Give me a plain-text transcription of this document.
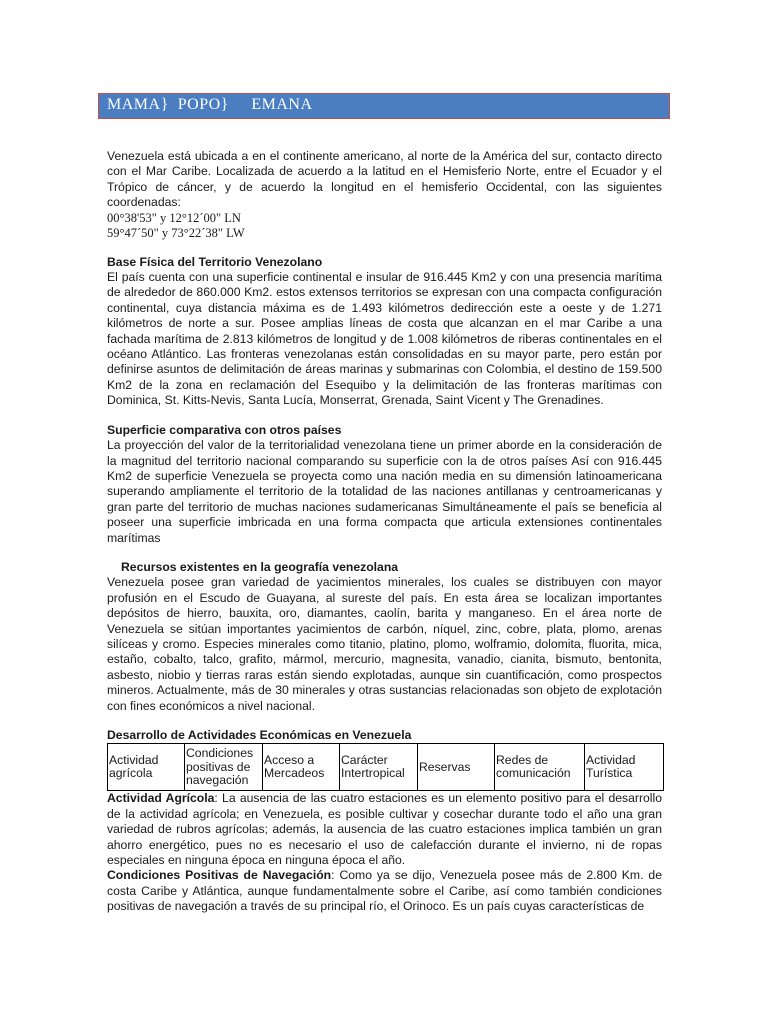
MAMA}  POPO}     EMANA

Venezuela está ubicada a en el continente americano, al norte de la América del sur, contacto directo con el Mar Caribe. Localizada de acuerdo a la latitud en el Hemisferio Norte, entre el Ecuador y el Trópico de cáncer, y de acuerdo la longitud en el hemisferio Occidental, con las siguientes coordenadas:

00°38'53" y 12°12´00" LN

59°47´50" y 73°22´38" LW

Base Física del Territorio Venezolano

El país cuenta con una superficie continental e insular de 916.445 Km2 y con una presencia marítima de alrededor de 860.000 Km2. estos extensos territorios se expresan con una compacta configuración continental, cuya distancia máxima es de 1.493 kilómetros dedirección este a oeste y de 1.271 kilómetros de norte a sur. Posee amplias líneas de costa que alcanzan en el mar Caribe a una fachada marítima de 2.813 kilómetros de longitud y de 1.008 kilómetros de riberas continentales en el océano Atlántico. Las fronteras venezolanas están consolidadas en su mayor parte, pero están por definirse asuntos de delimitación de áreas marinas y submarinas con Colombia, el destino de 159.500 Km2 de la zona en reclamación del Esequibo y la delimitación de las fronteras marítimas con Dominica, St. Kitts-Nevis, Santa Lucía, Monserrat, Grenada, Saint Vicent y The Grenadines.

Superficie comparativa con otros países

La proyección del valor de la territorialidad venezolana tiene un primer aborde en la consideración de la magnitud del territorio nacional comparando su superficie con la de otros países Así con 916.445 Km2 de superficie Venezuela se proyecta como una nación media en su dimensión latinoamericana superando ampliamente el territorio de la totalidad de las naciones antillanas y centroamericanas y gran parte del territorio de muchas naciones sudamericanas Simultáneamente el país se beneficia al poseer una superficie imbricada en una forma compacta que articula extensiones continentales marítimas

Recursos existentes en la geografía venezolana

Venezuela posee gran variedad de yacimientos minerales, los cuales se distribuyen con mayor profusión en el Escudo de Guayana, al sureste del país. En esta área se localizan importantes depósitos de hierro, bauxita, oro, diamantes, caolín, barita y manganeso. En el área norte de Venezuela se sitúan importantes yacimientos de carbón, níquel, zinc, cobre, plata, plomo, arenas silíceas y cromo. Especies minerales como titanio, platino, plomo, wolframio, dolomita, fluorita, mica, estaño, cobalto, talco, grafito, mármol, mercurio, magnesita, vanadio, cianita, bismuto, bentonita, asbesto, niobio y tierras raras están siendo explotadas, aunque sin cuantificación, como prospectos mineros. Actualmente, más de 30 minerales y otras sustancias relacionadas son objeto de explotación con fines económicos a nivel nacional.

Desarrollo de Actividades Económicas en Venezuela
Actividad agrícola	Condiciones positivas de navegación	Acceso a Mercadeos	Carácter Intertropical	Reservas	Redes de comunicación	Actividad Turística

Actividad Agrícola: La ausencia de las cuatro estaciones es un elemento positivo para el desarrollo de la actividad agrícola; en Venezuela, es posible cultivar y cosechar durante todo el año una gran variedad de rubros agrícolas; además, la ausencia de las cuatro estaciones implica también un gran ahorro energético, pues no es necesario el uso de calefacción durante el invierno, ni de ropas especiales en ninguna época en ninguna época el año.

Condiciones Positivas de Navegación: Como ya se dijo, Venezuela posee más de 2.800 Km. de costa Caribe y Atlántica, aunque fundamentalmente sobre el Caribe, así como también condiciones positivas de navegación a través de su principal río, el Orinoco. Es un país cuyas características de
